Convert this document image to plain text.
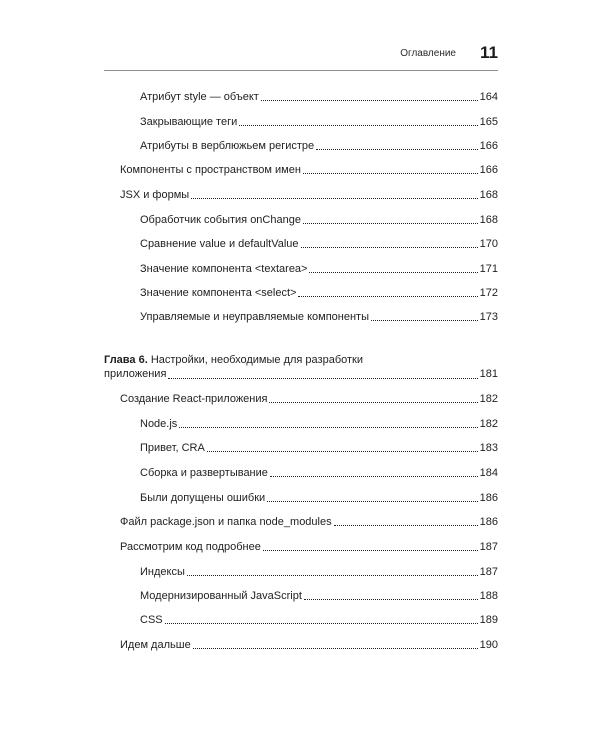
Оглавление 11
Атрибут style — объект	164
Закрывающие теги	165
Атрибуты в верблюжьем регистре	166
Компоненты с пространством имен	166
JSX и формы	168
Обработчик события onChange	168
Сравнение value и defaultValue	170
Значение компонента <textarea>	171
Значение компонента <select>	172
Управляемые и неуправляемые компоненты	173
Глава 6. Настройки, необходимые для разработки
приложения	181
Создание React-приложения	182
Node.js	182
Привет, CRA	183
Сборка и развертывание	184
Были допущены ошибки	186
Файл package.json и папка node_modules	186
Рассмотрим код подробнее	187
Индексы	187
Модернизированный JavaScript	188
CSS	189
Идем дальше	190
